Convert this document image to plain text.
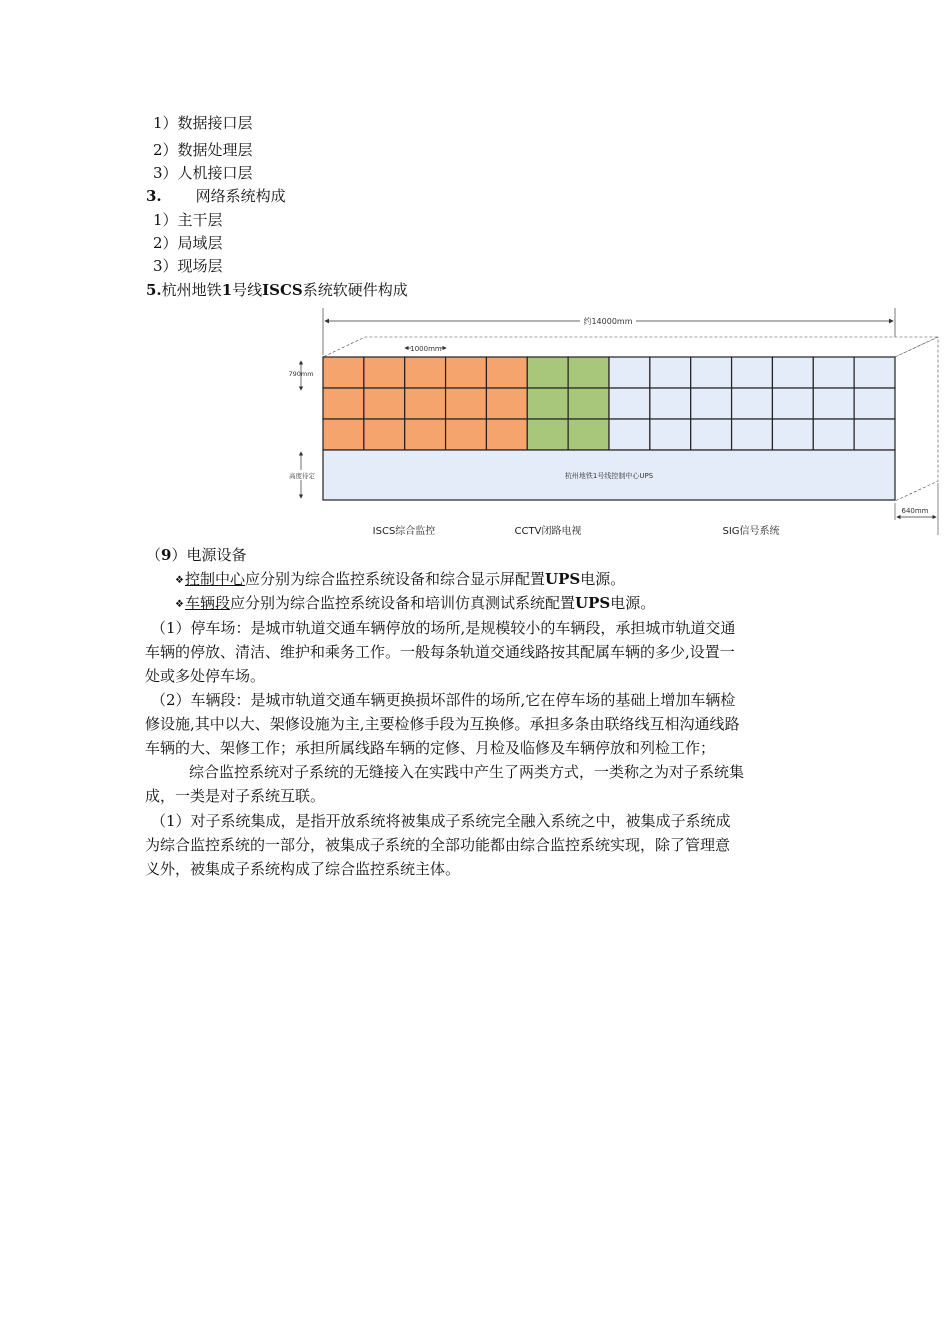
1）数据接口层
2）数据处理层
3）人机接口层
3. 网络系统构成
1）主干层
2）局域层
3）现场层
5.杭州地铁1号线ISCS系统软硬件构成
约14000mm
杭州地铁1号线控制中心UPS
1000mm
790mm
高度待定
640mm
ISCS综合监控	CCTV闭路电视	SIG信号系统
（9）电源设备
❖控制中心应分别为综合监控系统设备和综合显示屏配置UPS电源。
❖车辆段应分别为综合监控系统设备和培训仿真测试系统配置UPS电源。
（1）停车场：是城市轨道交通车辆停放的场所,是规模较小的车辆段，承担城市轨道交通
车辆的停放、清洁、维护和乘务工作。一般每条轨道交通线路按其配属车辆的多少,设置一
处或多处停车场。
（2）车辆段：是城市轨道交通车辆更换损坏部件的场所,它在停车场的基础上增加车辆检
修设施,其中以大、架修设施为主,主要检修手段为互换修。承担多条由联络线互相沟通线路
车辆的大、架修工作；承担所属线路车辆的定修、月检及临修及车辆停放和列检工作；
综合监控系统对子系统的无缝接入在实践中产生了两类方式，一类称之为对子系统集
成，一类是对子系统互联。
（1）对子系统集成，是指开放系统将被集成子系统完全融入系统之中，被集成子系统成
为综合监控系统的一部分，被集成子系统的全部功能都由综合监控系统实现，除了管理意
义外，被集成子系统构成了综合监控系统主体。
